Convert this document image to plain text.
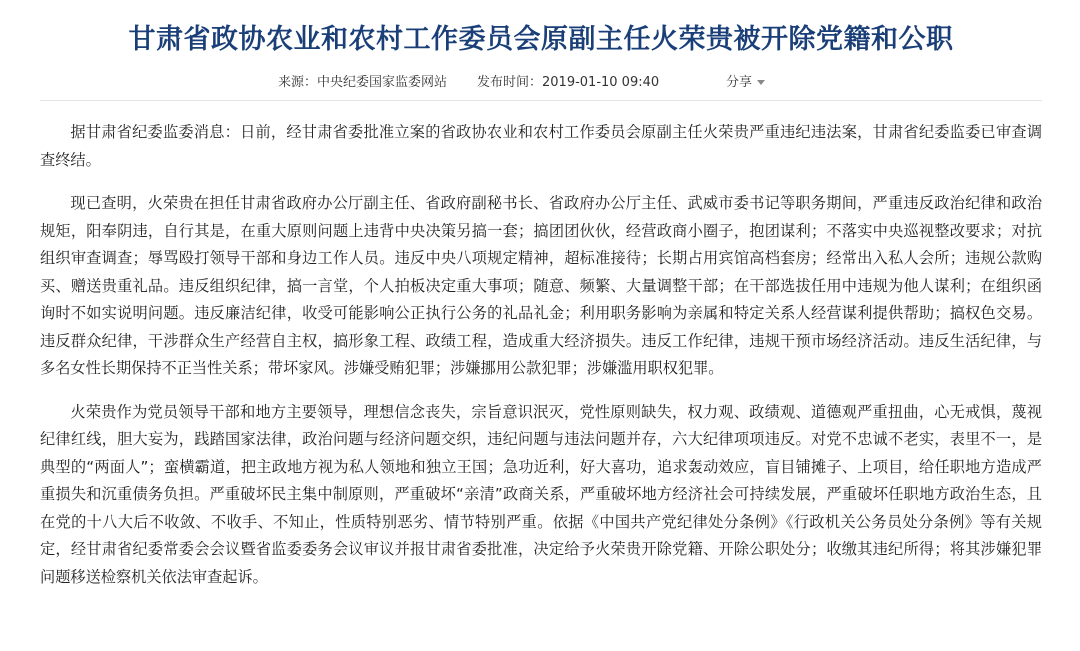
甘肃省政协农业和农村工作委员会原副主任火荣贵被开除党籍和公职
来源：中央纪委国家监委网站 发布时间：2019-01-10 09:40	分享

据甘肃省纪委监委消息：日前，经甘肃省委批准立案的省政协农业和农村工作委员会原副主任火荣贵严重违纪违法案，甘肃省纪委监委已审查调查终结。

现已查明，火荣贵在担任甘肃省政府办公厅副主任、省政府副秘书长、省政府办公厅主任、武威市委书记等职务期间，严重违反政治纪律和政治规矩，阳奉阴违，自行其是，在重大原则问题上违背中央决策另搞一套；搞团团伙伙，经营政商小圈子，抱团谋利；不落实中央巡视整改要求；对抗组织审查调查；辱骂殴打领导干部和身边工作人员。违反中央八项规定精神，超标准接待；长期占用宾馆高档套房；经常出入私人会所；违规公款购买、赠送贵重礼品。违反组织纪律，搞一言堂，个人拍板决定重大事项；随意、频繁、大量调整干部；在干部选拔任用中违规为他人谋利；在组织函询时不如实说明问题。违反廉洁纪律，收受可能影响公正执行公务的礼品礼金；利用职务影响为亲属和特定关系人经营谋利提供帮助；搞权色交易。违反群众纪律，干涉群众生产经营自主权，搞形象工程、政绩工程，造成重大经济损失。违反工作纪律，违规干预市场经济活动。违反生活纪律，与多名女性长期保持不正当性关系；带坏家风。涉嫌受贿犯罪；涉嫌挪用公款犯罪；涉嫌滥用职权犯罪。

火荣贵作为党员领导干部和地方主要领导，理想信念丧失，宗旨意识泯灭，党性原则缺失，权力观、政绩观、道德观严重扭曲，心无戒惧，蔑视纪律红线，胆大妄为，践踏国家法律，政治问题与经济问题交织，违纪问题与违法问题并存，六大纪律项项违反。对党不忠诚不老实，表里不一，是典型的“两面人”；蛮横霸道，把主政地方视为私人领地和独立王国；急功近利，好大喜功，追求轰动效应，盲目铺摊子、上项目，给任职地方造成严重损失和沉重债务负担。严重破坏民主集中制原则，严重破坏“亲清”政商关系，严重破坏地方经济社会可持续发展，严重破坏任职地方政治生态，且在党的十八大后不收敛、不收手、不知止，性质特别恶劣、情节特别严重。依据《中国共产党纪律处分条例》《行政机关公务员处分条例》等有关规定，经甘肃省纪委常委会会议暨省监委委务会议审议并报甘肃省委批准，决定给予火荣贵开除党籍、开除公职处分；收缴其违纪所得；将其涉嫌犯罪问题移送检察机关依法审查起诉。
